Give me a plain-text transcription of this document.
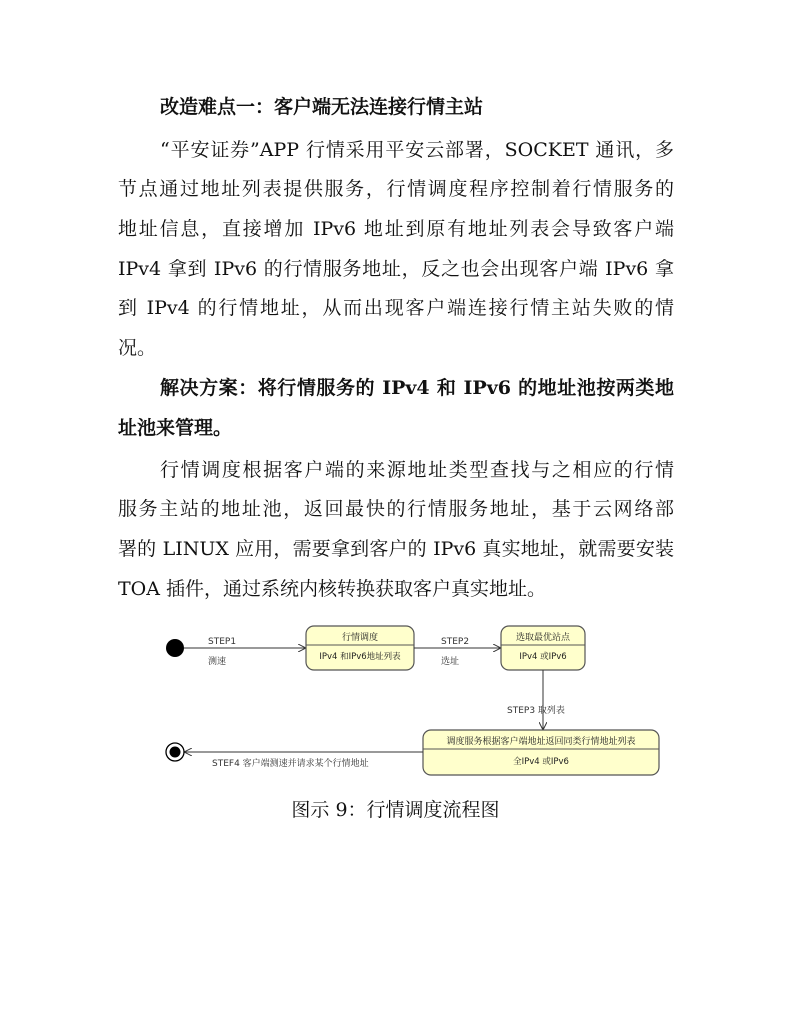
改造难点一：客户端无法连接行情主站
“平安证券”APP 行情采用平安云部署，SOCKET 通讯，多
节点通过地址列表提供服务，行情调度程序控制着行情服务的
地址信息，直接增加 IPv6 地址到原有地址列表会导致客户端
IPv4 拿到 IPv6 的行情服务地址，反之也会出现客户端 IPv6 拿
到 IPv4 的行情地址，从而出现客户端连接行情主站失败的情
况。
解决方案：将行情服务的 IPv4 和 IPv6 的地址池按两类地
址池来管理。
行情调度根据客户端的来源地址类型查找与之相应的行情
服务主站的地址池，返回最快的行情服务地址，基于云网络部
署的 LINUX 应用，需要拿到客户的 IPv6 真实地址，就需要安装
TOA 插件，通过系统内核转换获取客户真实地址。
STEP1
测速
行情调度
IPv4 和IPv6地址列表
STEP2
选址
选取最优站点
IPv4 或IPv6
STEP3 取列表
调度服务根据客户端地址返回同类行情地址列表
全IPv4 或IPv6
STEF4 客户端测速并请求某个行情地址
图示 9：行情调度流程图
